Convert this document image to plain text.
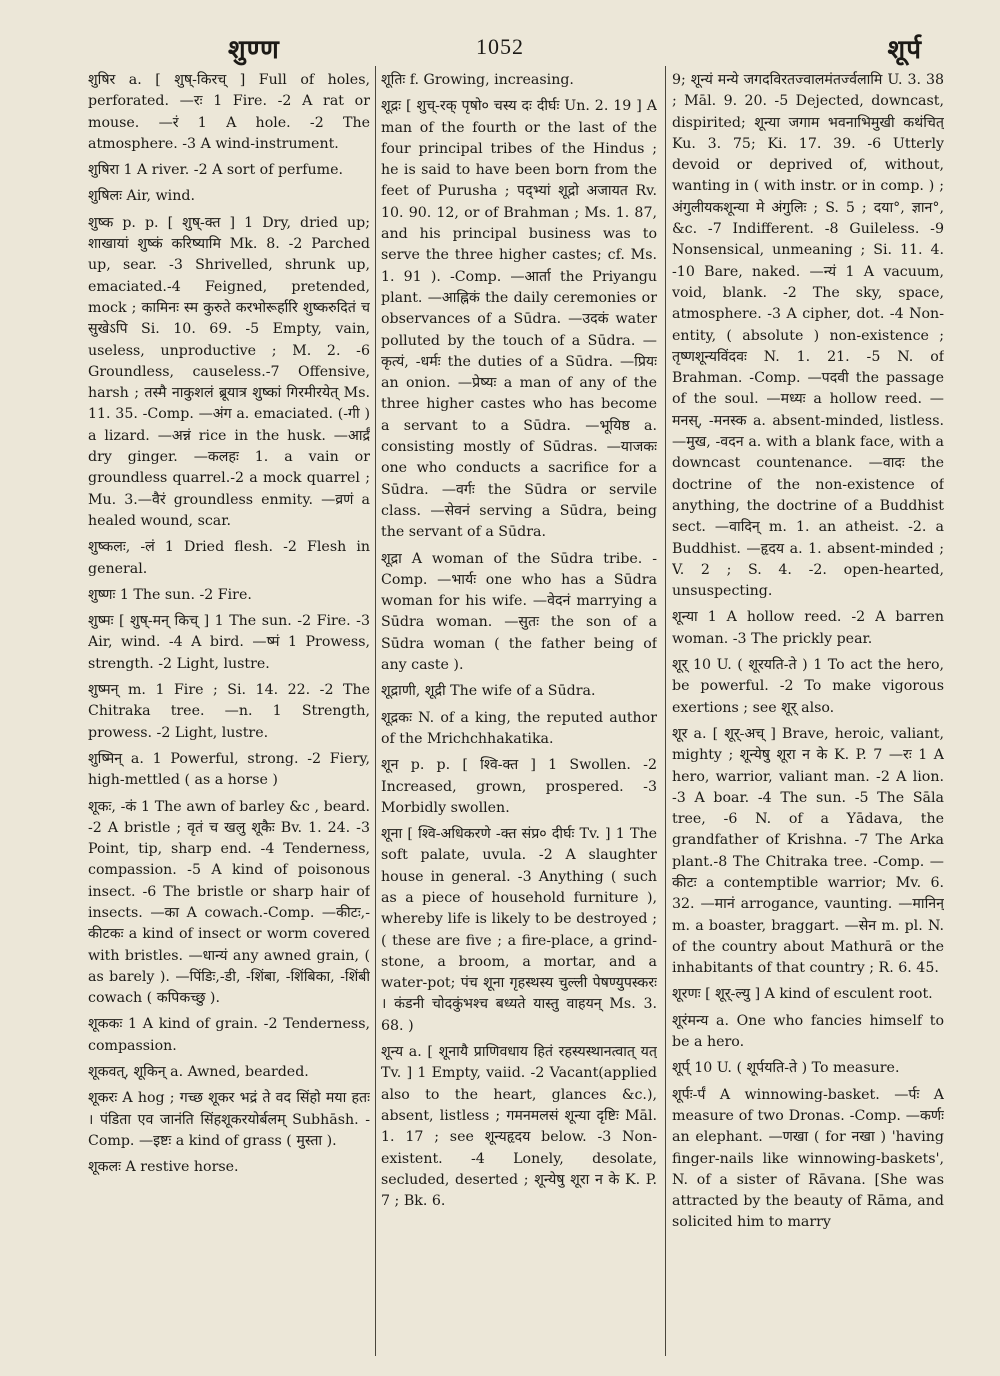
शुण्ण	1052	शूर्प

शुषिर a. [ शुष्-किरच् ] Full of holes, perforated. —रः 1 Fire. -2 A rat or mouse. —रं 1 A hole. -2 The atmosphere. -3 A wind-instrument.

शुषिरा 1 A river. -2 A sort of perfume.

शुषिलः Air, wind.

शुष्क p. p. [ शुष्-क्त ] 1 Dry, dried up; शाखायां शुष्कं करिष्यामि Mk. 8. -2 Parched up, sear. -3 Shrivelled, shrunk up, emaciated.-4 Feigned, pretended, mock ; कामिनः स्म कुरुते करभोरूर्हारि शुष्करुदितं च सुखेऽपि Si. 10. 69. -5 Empty, vain, useless, unproductive ; M. 2. -6 Groundless, causeless.-7 Offensive, harsh ; तस्मै नाकुशलं ब्रूयात्र शुष्कां गिरमीरयेत् Ms. 11. 35. -Comp. —अंग a. emaciated. (-गी ) a lizard. —अन्नं rice in the husk. —आर्द्रं dry ginger. —कलहः 1. a vain or groundless quarrel.-2 a mock quarrel ; Mu. 3.—वैरं groundless enmity. —व्रणं a healed wound, scar.

शुष्कलः, -लं 1 Dried flesh. -2 Flesh in general.

शुष्णः 1 The sun. -2 Fire.

शुष्मः [ शुष्-मन् किच् ] 1 The sun. -2 Fire. -3 Air, wind. -4 A bird. —ष्मं 1 Prowess, strength. -2 Light, lustre.

शुष्मन् m. 1 Fire ; Si. 14. 22. -2 The Chitraka tree. —n. 1 Strength, prowess. -2 Light, lustre.

शुष्मिन् a. 1 Powerful, strong. -2 Fiery, high-mettled ( as a horse )

शूकः, -कं 1 The awn of barley &c , beard. -2 A bristle ; वृतं च खलु शूकैः Bv. 1. 24. -3 Point, tip, sharp end. -4 Tenderness, compassion. -5 A kind of poisonous insect. -6 The bristle or sharp hair of insects. —का A cowach.-Comp. —कीटः,-कीटकः a kind of insect or worm covered with bristles. —धान्यं any awned grain, ( as barely ). —पिंडिः,-डी, -शिंबा, -शिंबिका, -शिंबी cowach ( कपिकच्छु ).

शूककः 1 A kind of grain. -2 Tenderness, compassion.

शूकवत्, शूकिन् a. Awned, bearded.

शूकरः A hog ; गच्छ शूकर भद्रं ते वद सिंहो मया हतः । पंडिता एव जानंति सिंहशूकरयोर्बलम् Subhāsh. -Comp. —इष्टः a kind of grass ( मुस्ता ).

शूकलः A restive horse.

शूतिः f. Growing, increasing.

शूद्रः [ शुच्-रक् पृषो० चस्य दः दीर्घः Un. 2. 19 ] A man of the fourth or the last of the four principal tribes of the Hindus ; he is said to have been born from the feet of Purusha ; पद्भ्यां शूद्रो अजायत Rv. 10. 90. 12, or of Brahman ; Ms. 1. 87, and his principal business was to serve the three higher castes; cf. Ms. 1. 91 ). -Comp. —आर्ता the Priyangu plant. —आह्निकं the daily ceremonies or observances of a Sūdra. —उदकं water polluted by the touch of a Sūdra. —कृत्यं, -धर्मः the duties of a Sūdra. —प्रियः an onion. —प्रेष्यः a man of any of the three higher castes who has become a servant to a Sūdra. —भूयिष्ठ a. consisting mostly of Sūdras. —याजकः one who conducts a sacrifice for a Sūdra. —वर्गः the Sūdra or servile class. —सेवनं serving a Sūdra, being the servant of a Sūdra.

शूद्रा A woman of the Sūdra tribe. -Comp. —भार्यः one who has a Sūdra woman for his wife. —वेदनं marrying a Sūdra woman. —सुतः the son of a Sūdra woman ( the father being of any caste ).

शूद्राणी, शूद्री The wife of a Sūdra.

शूद्रकः N. of a king, the reputed author of the Mrichchhakatika.

शून p. p. [ श्वि-क्त ] 1 Swollen. -2 Increased, grown, prospered. -3 Morbidly swollen.

शूना [ श्वि-अधिकरणे -क्त संप्र० दीर्घः Tv. ] 1 The soft palate, uvula. -2 A slaughter house in general. -3 Anything ( such as a piece of household furniture ), whereby life is likely to be destroyed ; ( these are five ; a fire-place, a grind-stone, a broom, a mortar, and a water-pot; पंच शूना गृहस्थस्य चुल्ली पेषण्युपस्करः । कंडनी चोदकुंभश्च बध्यते यास्तु वाहयन् Ms. 3. 68. )

शून्य a. [ शूनायै प्राणिवधाय हितं रहस्यस्थानत्वात् यत् Tv. ] 1 Empty, vaiid. -2 Vacant(applied also to the heart, glances &c.), absent, listless ; गमनमलसं शून्या दृष्टिः Māl. 1. 17 ; see शून्यहृदय below. -3 Non-existent. -4 Lonely, desolate, secluded, deserted ; शून्येषु शूरा न के K. P. 7 ; Bk. 6.

9; शून्यं मन्ये जगदविरतज्वालमंतर्ज्वलामि U. 3. 38 ; Māl. 9. 20. -5 Dejected, downcast, dispirited; शून्या जगाम भवनाभिमुखी कथंचित् Ku. 3. 75; Ki. 17. 39. -6 Utterly devoid or deprived of, without, wanting in ( with instr. or in comp. ) ; अंगुलीयकशून्या मे अंगुलिः ; S. 5 ; दया°, ज्ञान°, &c. -7 Indifferent. -8 Guileless. -9 Nonsensical, unmeaning ; Si. 11. 4. -10 Bare, naked. —न्यं 1 A vacuum, void, blank. -2 The sky, space, atmosphere. -3 A cipher, dot. -4 Non-entity, ( absolute ) non-existence ; तृष्णशून्यविंदवः N. 1. 21. -5 N. of Brahman. -Comp. —पदवी the passage of the soul. —मध्यः a hollow reed. —मनस्, -मनस्क a. absent-minded, listless. —मुख, -वदन a. with a blank face, with a downcast countenance. —वादः the doctrine of the non-existence of anything, the doctrine of a Buddhist sect. —वादिन् m. 1. an atheist. -2. a Buddhist. —हृदय a. 1. absent-minded ; V. 2 ; S. 4. -2. open-hearted, unsuspecting.

शून्या 1 A hollow reed. -2 A barren woman. -3 The prickly pear.

शूर् 10 U. ( शूरयति-ते ) 1 To act the hero, be powerful. -2 To make vigorous exertions ; see शूर् also.

शूर a. [ शूर्-अच् ] Brave, heroic, valiant, mighty ; शून्येषु शूरा न के K. P. 7 —रः 1 A hero, warrior, valiant man. -2 A lion. -3 A boar. -4 The sun. -5 The Sāla tree, -6 N. of a Yādava, the grandfather of Krishna. -7 The Arka plant.-8 The Chitraka tree. -Comp. —कीटः a contemptible warrior; Mv. 6. 32. —मानं arrogance, vaunting. —मानिन् m. a boaster, braggart. —सेन m. pl. N. of the country about Mathurā or the inhabitants of that country ; R. 6. 45.

शूरणः [ शूर्-ल्यु ] A kind of esculent root.

शूरंमन्य a. One who fancies himself to be a hero.

शूर्प् 10 U. ( शूर्पयति-ते ) To measure.

शूर्पः-र्पं A winnowing-basket. —र्पः A measure of two Dronas. -Comp. —कर्णः an elephant. —णखा ( for नखा ) 'having finger-nails like winnowing-baskets', N. of a sister of Rāvana. [She was attracted by the beauty of Rāma, and solicited him to marry
